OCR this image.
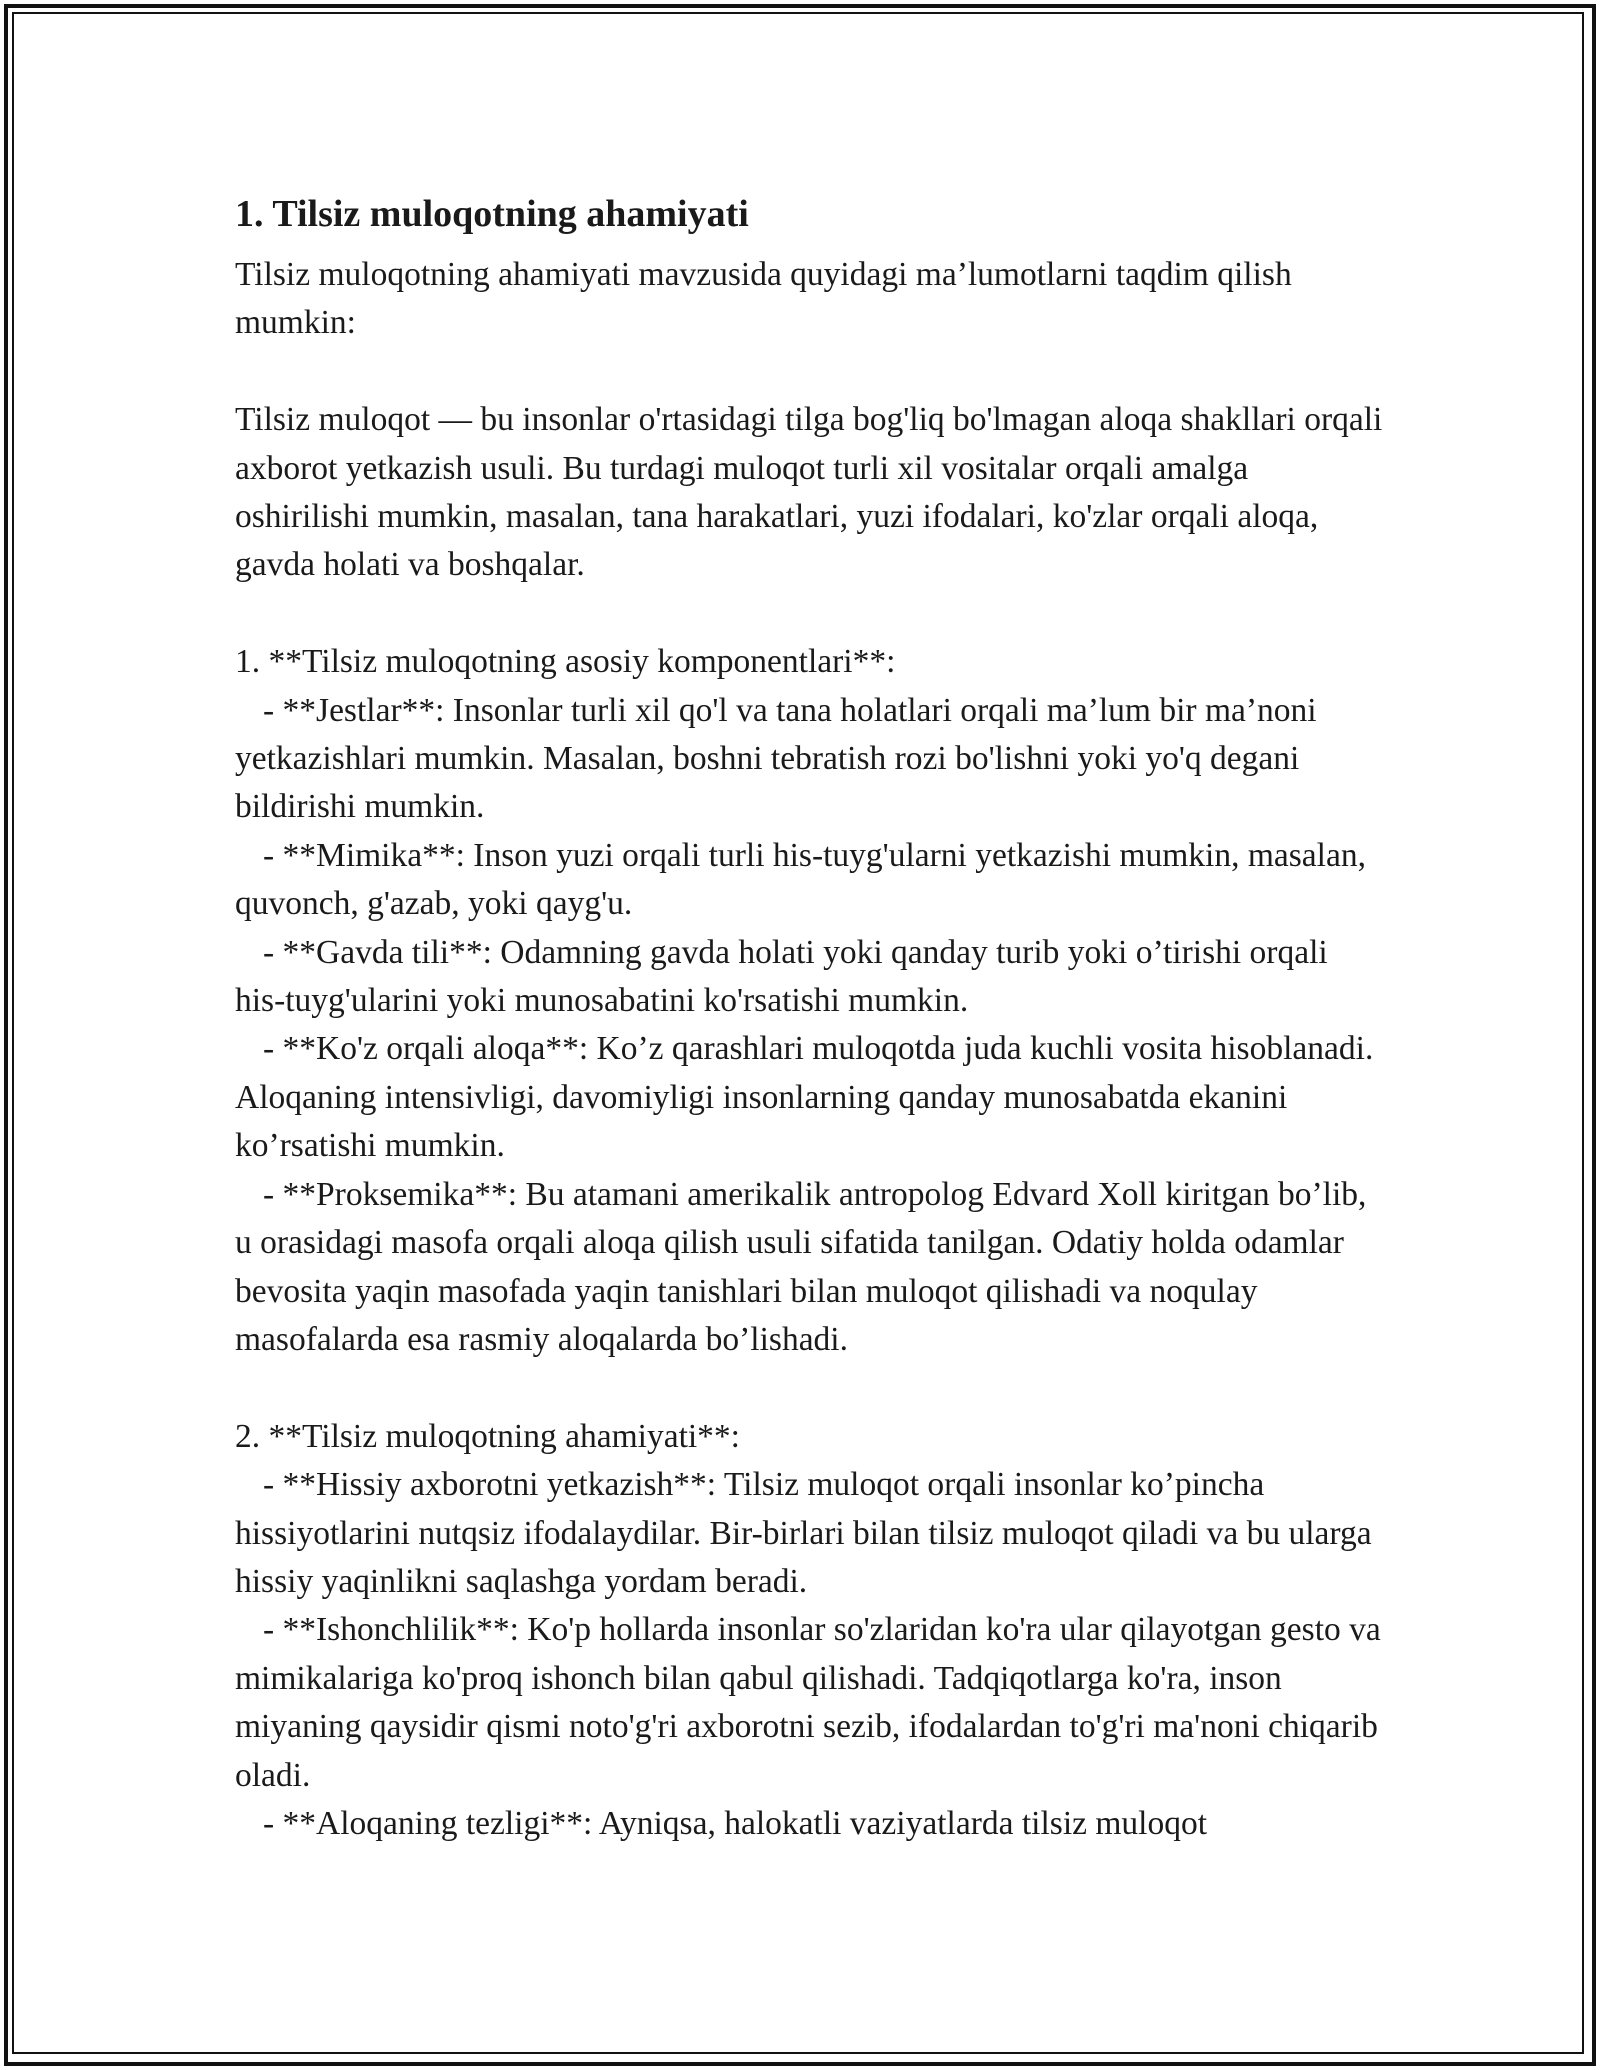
1. Tilsiz muloqotning ahamiyati

Tilsiz muloqotning ahamiyati mavzusida quyidagi ma’lumotlarni taqdim qilish mumkin:

Tilsiz muloqot — bu insonlar o'rtasidagi tilga bog'liq bo'lmagan aloqa shakllari orqali axborot yetkazish usuli. Bu turdagi muloqot turli xil vositalar orqali amalga oshirilishi mumkin, masalan, tana harakatlari, yuzi ifodalari, ko'zlar orqali aloqa, gavda holati va boshqalar.

1. **Tilsiz muloqotning asosiy komponentlari**:

- **Jestlar**: Insonlar turli xil qo'l va tana holatlari orqali ma’lum bir ma’noni yetkazishlari mumkin. Masalan, boshni tebratish rozi bo'lishni yoki yo'q degani bildirishi mumkin.

- **Mimika**: Inson yuzi orqali turli his-tuyg'ularni yetkazishi mumkin, masalan, quvonch, g'azab, yoki qayg'u.

- **Gavda tili**: Odamning gavda holati yoki qanday turib yoki o’tirishi orqali his-tuyg'ularini yoki munosabatini ko'rsatishi mumkin.

- **Ko'z orqali aloqa**: Ko’z qarashlari muloqotda juda kuchli vosita hisoblanadi. Aloqaning intensivligi, davomiyligi insonlarning qanday munosabatda ekanini ko’rsatishi mumkin.

- **Proksemika**: Bu atamani amerikalik antropolog Edvard Xoll kiritgan bo’lib, u orasidagi masofa orqali aloqa qilish usuli sifatida tanilgan. Odatiy holda odamlar bevosita yaqin masofada yaqin tanishlari bilan muloqot qilishadi va noqulay masofalarda esa rasmiy aloqalarda bo’lishadi.

2. **Tilsiz muloqotning ahamiyati**:

- **Hissiy axborotni yetkazish**: Tilsiz muloqot orqali insonlar ko’pincha hissiyotlarini nutqsiz ifodalaydilar. Bir-birlari bilan tilsiz muloqot qiladi va bu ularga hissiy yaqinlikni saqlashga yordam beradi.

- **Ishonchlilik**: Ko'p hollarda insonlar so'zlaridan ko'ra ular qilayotgan gesto va mimikalariga ko'proq ishonch bilan qabul qilishadi. Tadqiqotlarga ko'ra, inson miyaning qaysidir qismi noto'g'ri axborotni sezib, ifodalardan to'g'ri ma'noni chiqarib oladi.

- **Aloqaning tezligi**: Ayniqsa, halokatli vaziyatlarda tilsiz muloqot
